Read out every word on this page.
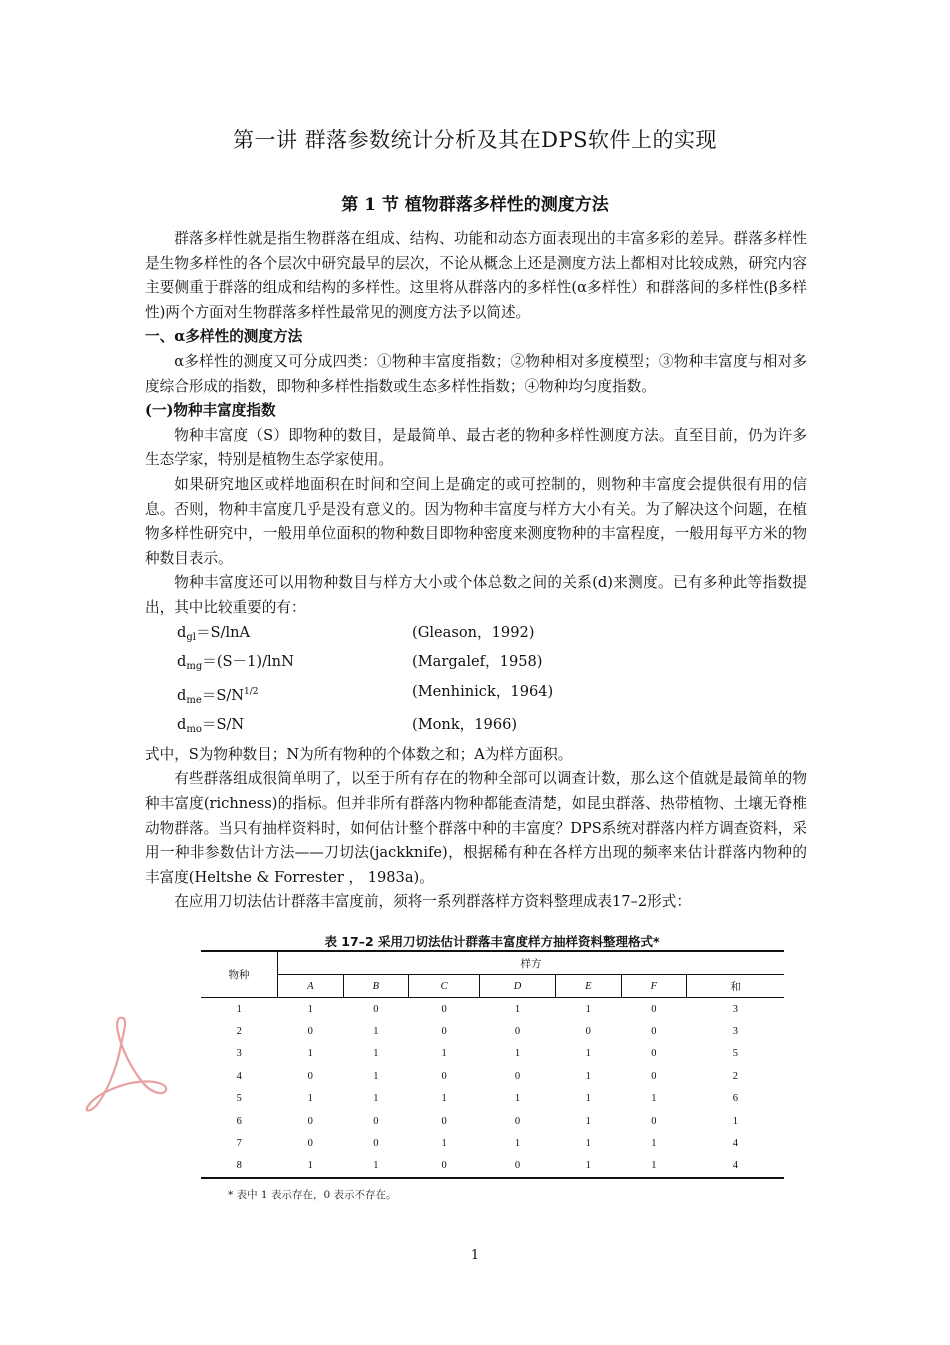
第一讲 群落参数统计分析及其在DPS软件上的实现
第 1 节 植物群落多样性的测度方法

群落多样性就是指生物群落在组成、结构、功能和动态方面表现出的丰富多彩的差异。群落多样性是生物多样性的各个层次中研究最早的层次，不论从概念上还是测度方法上都相对比较成熟，研究内容主要侧重于群落的组成和结构的多样性。这里将从群落内的多样性(α多样性）和群落间的多样性(β多样性)两个方面对生物群落多样性最常见的测度方法予以简述。

一、α多样性的测度方法

α多样性的测度又可分成四类：①物种丰富度指数；②物种相对多度模型；③物种丰富度与相对多度综合形成的指数，即物种多样性指数或生态多样性指数；④物种均匀度指数。

(一)物种丰富度指数

物种丰富度（S）即物种的数目，是最简单、最古老的物种多样性测度方法。直至目前，仍为许多生态学家，特别是植物生态学家使用。

如果研究地区或样地面积在时间和空间上是确定的或可控制的，则物种丰富度会提供很有用的信息。否则，物种丰富度几乎是没有意义的。因为物种丰富度与样方大小有关。为了解决这个问题，在植物多样性研究中，一般用单位面积的物种数目即物种密度来测度物种的丰富程度，一般用每平方米的物种数目表示。

物种丰富度还可以用物种数目与样方大小或个体总数之间的关系(d)来测度。已有多种此等指数提出，其中比较重要的有：

$d_{gl}=S$/lnA	(Gleason，1992)
$d_{mg}=(S-1)$/lnN	(Margalef，1958)
$d_{me}=S/N^{1/2}$	(Menhinick，1964)
$d_{mo}=S/N$	(Monk，1966)

式中，S为物种数目；N为所有物种的个体数之和；A为样方面积。

有些群落组成很简单明了，以至于所有存在的物种全部可以调查计数，那么这个值就是最简单的物种丰富度(richness)的指标。但并非所有群落内物种都能查清楚，如昆虫群落、热带植物、土壤无脊椎动物群落。当只有抽样资料时，如何估计整个群落中种的丰富度？DPS系统对群落内样方调查资料，采用一种非参数估计方法——刀切法(jackknife)，根据稀有种在各样方出现的频率来估计群落内物种的丰富度(Heltshe & Forrester ， 1983a)。

在应用刀切法估计群落丰富度前，须将一系列群落样方资料整理成表17–2形式：

表 17–2 采用刀切法估计群落丰富度样方抽样资料整理格式*
物种	样方						
	A	B	C	D	E	F	和
1	1	0	0	1	1	0	3
2	0	1	0	0	0	0	3
3	1	1	1	1	1	0	5
4	0	1	0	0	1	0	2
5	1	1	1	1	1	1	6
6	0	0	0	0	1	0	1
7	0	0	1	1	1	1	4
8	1	1	0	0	1	1	4
* 表中 1 表示存在，0 表示不存在。
1
